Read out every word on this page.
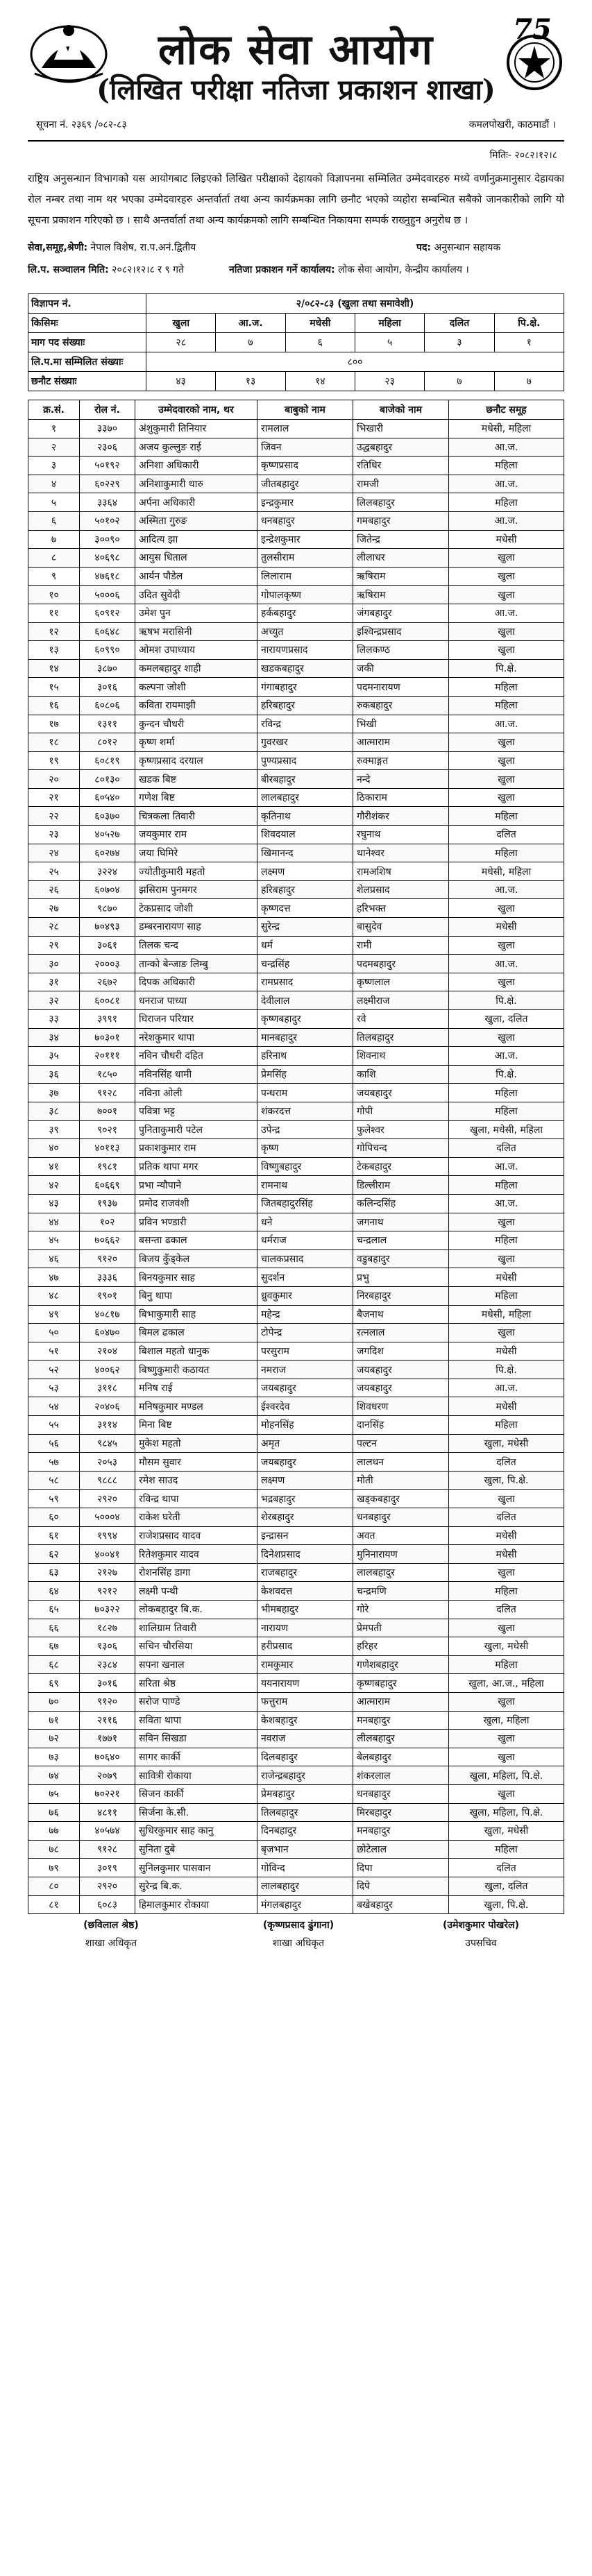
लोक सेवा आयोग
(लिखित परीक्षा नतिजा प्रकाशन शाखा)
75
सूचना नं. २३६९ /०८२-८३	कमलपोखरी, काठमाडौं ।
मितिः- २०८२।१२।८

राष्ट्रिय अनुसन्धान विभागको यस आयोगबाट लिइएको लिखित परीक्षाको देहायको विज्ञापनमा सम्मिलित उम्मेदवारहरु मध्ये वर्णानुक्रमानुसार देहायका रोल नम्बर तथा नाम थर भएका उम्मेदवारहरु अन्तर्वार्ता तथा अन्य कार्यक्रमका लागि छनौट भएको व्यहोरा सम्बन्धित सबैको जानकारीको लागि यो सूचना प्रकाशन गरिएको छ । साथै अन्तर्वार्ता तथा अन्य कार्यक्रमको लागि सम्बन्धित निकायमा सम्पर्क राख्नुहुन अनुरोध छ ।

सेवा,समूह,श्रेणी: नेपाल विशेष, रा.प.अनं.द्वितीय	पद: अनुसन्धान सहायक
लि.प. सञ्चालन मिति: २०८२।१२।८ र ९ गते	नतिजा प्रकाशन गर्ने कार्यालय: लोक सेवा आयोग, केन्द्रीय कार्यालय ।
विज्ञापन नं.	२/०८२-८३ (खुला तथा समावेशी)					
किसिमः	खुला	आ.ज.	मधेसी	महिला	दलित	पि.क्षे.
माग पद संख्याः	२८	७	६	५	३	१
लि.प.मा सम्मिलित संख्याः	८००					
छनौट संख्याः	४३	१३	१४	२३	७	७
क्र.सं.	रोल नं.	उम्मेदवारको नाम, थर	बाबुको नाम	बाजेको नाम	छनौट समूह
१	३३७०	अंशुकुमारी तिनियार	रामलाल	भिखारी	मधेसी, महिला
२	२३०६	अजय कुल्लुङ राई	जिवन	उद्धबहादुर	आ.ज.
३	५०१९२	अनिशा अधिकारी	कृष्णप्रसाद	रतिधिर	महिला
४	६०२२९	अनिशाकुमारी थारु	जीतबहादुर	रामजी	आ.ज.
५	३३६४	अर्पना अधिकारी	इन्द्रकुमार	लिलबहादुर	महिला
६	५०१०२	अस्मिता गुरुङ	धनबहादुर	गमबहादुर	आ.ज.
७	३००९०	आदित्य झा	इन्द्रेशकुमार	जितेन्द्र	मधेसी
८	४०६९८	आयुस धिताल	तुलसीराम	लीलाधर	खुला
९	४७६१८	आर्यन पौडेल	लिलाराम	ऋषिराम	खुला
१०	५०००६	उदित सुवेदी	गोपालकृष्ण	ऋषिराम	खुला
११	६०९१२	उमेश पुन	हर्कबहादुर	जंगबहादुर	आ.ज.
१२	६०६४८	ऋषभ मरासिनी	अच्युत	इश्विन्द्रप्रसाद	खुला
१३	६०९९०	ओमश उपाध्याय	नारायणप्रसाद	लिलकण्ठ	खुला
१४	३८७०	कमलबहादुर शाही	खडकबहादुर	जकी	पि.क्षे.
१५	३०१६	कल्पना जोशी	गंगाबहादुर	पदमनारायण	महिला
१६	६०८०६	कविता रायमाझी	हरिबहादुर	रुकबहादुर	महिला
१७	१३११	कुन्दन चौधरी	रविन्द्र	भिखी	आ.ज.
१८	८०१२	कृष्ण शर्मा	गुवरखर	आत्माराम	खुला
१९	६०८१९	कृष्णप्रसाद दरयाल	पुण्यप्रसाद	रुक्माङ्गत	खुला
२०	८०१३०	खडक बिष्ट	बीरबहादुर	नन्दे	खुला
२१	६०५४०	गणेश बिष्ट	लालबहादुर	ठिकाराम	खुला
२२	६०३७०	चित्रकला तिवारी	कृतिनाथ	गौरीशंकर	महिला
२३	४०५२७	जयकुमार राम	शिवदयाल	रघुनाथ	दलित
२४	६०२७४	जया घिमिरे	खिमानन्द	थानेश्वर	महिला
२५	३२२४	ज्योतीकुमारी महतो	लक्ष्मण	रामअशिष	मधेसी, महिला
२६	६०७०४	झसिराम पुनमगर	हरिबहादुर	शेलप्रसाद	आ.ज.
२७	९८७०	टेकप्रसाद जोशी	कृष्णदत्त	हरिभक्त	खुला
२८	७०४९३	डम्बरनारायण साह	सुरेन्द्र	बासुदेव	मधेसी
२९	३०६१	तिलक चन्द	धर्म	रामी	खुला
३०	२०००३	तान्को बेन्जाङ लिम्बु	चन्द्रसिंह	पदमबहादुर	आ.ज.
३१	२६७२	दिपक अधिकारी	रामप्रसाद	कृष्णलाल	खुला
३२	६००८१	धनराज पाध्या	देवीलाल	लक्ष्मीराज	पि.क्षे.
३३	३९९१	धिराजन परियार	कृष्णबहादुर	रवे	खुला, दलित
३४	७०३०१	नरेशकुमार थापा	मानबहादुर	तिलबहादुर	खुला
३५	२०१११	नविन चौधरी दहित	हरिनाथ	शिवनाथ	आ.ज.
३६	१८५०	नविनसिंह धामी	प्रेमसिंह	काशि	पि.क्षे.
३७	९१२८	नविना ओली	पन्धराम	जयबहादुर	महिला
३८	७००१	पवित्रा भट्ट	शंकरदत्त	गोपी	महिला
३९	९०२१	पुनिताकुमारी पटेल	उपेन्द्र	फुलेश्वर	खुला, मधेसी, महिला
४०	४०११३	प्रकाशकुमार राम	कृष्ण	गोपिचन्द	दलित
४१	१९८१	प्रतिक थापा मगर	विष्णुबहादुर	टेकबहादुर	आ.ज.
४२	६०६६९	प्रभा न्यौपाने	रामनाथ	डिल्लीराम	महिला
४३	१९३७	प्रमोद राजवंशी	जितबहादुरसिंह	कलिन्दसिंह	आ.ज.
४४	१०२	प्रविन भण्डारी	धने	जगनाथ	खुला
४५	७०६६२	बसन्ता ढकाल	धर्मराज	चन्द्रलाल	महिला
४६	९१२०	बिजय कुँड्केल	चालकप्रसाद	वडुबहादुर	खुला
४७	३३३६	बिनयकुमार साह	सुदर्शन	प्रभु	मधेसी
४८	१९०१	बिनु थापा	ध्रुवकुमार	निरबहादुर	महिला
४९	४०८१७	बिभाकुमारी साह	महेन्द्र	बैजनाथ	मधेसी, महिला
५०	६०४७०	बिमल ढकाल	टोपेन्द्र	रत्नलाल	खुला
५१	२१०४	बिशाल महतो धानुक	परसुराम	जगदिश	मधेसी
५२	४००६२	बिष्णुकुमारी कठायत	नमराज	जयबहादुर	पि.क्षे.
५३	३११८	मनिष राई	जयबहादुर	जयबहादुर	आ.ज.
५४	२०४०६	मनिषकुमार मण्डल	ईश्वरदेव	शिवधरण	मधेसी
५५	३११४	मिना बिष्ट	मोहनसिंह	दानसिंह	महिला
५६	९८४५	मुकेश महतो	अमृत	पल्टन	खुला, मधेसी
५७	२०५३	मौसम सुवार	जयबहादुर	लालधन	दलित
५८	९८८८	रमेश साउद	लक्ष्मण	मोती	खुला, पि.क्षे.
५९	२९२०	रविन्द्र थापा	भद्रबहादुर	खड्कबहादुर	खुला
६०	५०००४	राकेश घरेती	शेरबहादुर	धनबहादुर	दलित
६१	१९९४	राजेशप्रसाद यादव	इन्द्रासन	अवत	मधेसी
६२	४००४१	रितेशकुमार यादव	दिनेशप्रसाद	मुनिनारायण	मधेसी
६३	२१२७	रोशनसिंह डागा	राजबहादुर	लालबहादुर	खुला
६४	९२१२	लक्ष्मी पन्थी	केशवदत्त	चन्द्रमणि	महिला
६५	७०३२२	लोकबहादुर बि.क.	भीमबहादुर	गोरे	दलित
६६	१८२७	शालिग्राम तिवारी	नारायण	प्रेमपती	खुला
६७	१३०६	सचिन चौरसिया	हरीप्रसाद	हरिहर	खुला, मधेसी
६८	२३८४	सपना खनाल	रामकुमार	गणेशबहादुर	महिला
६९	३०१६	सरिता श्रेष्ठ	ययनारायण	कृष्णबहादुर	खुला, आ.ज., महिला
७०	९१२०	सरोज पाण्डे	फत्तुराम	आत्माराम	खुला
७१	२११६	सविता थापा	केशबहादुर	मनबहादुर	खुला, महिला
७२	१७७१	सविन सिखडा	नवराज	लीलबहादुर	खुला
७३	७०६४०	सागर कार्की	दिलबहादुर	बेलबहादुर	खुला
७४	२०७९	सावित्री रोकाया	राजेन्द्रबहादुर	शंकरलाल	खुला, महिला, पि.क्षे.
७५	७०२२१	सिजन कार्की	प्रेमबहादुर	धनबहादुर	खुला
७६	४८११	सिर्जना के.सी.	तिलबहादुर	मिरबहादुर	खुला, महिला, पि.क्षे.
७७	४०५७४	सुधिरकुमार साह कानु	दिनबहादुर	मनबहादुर	खुला, मधेसी
७८	९१२८	सुनिता दुबे	बृजभान	छोटेलाल	महिला
७९	३०१९	सुनिलकुमार पासवान	गोविन्द	दिपा	दलित
८०	२९२०	सुरेन्द्र बि.क.	लालबहादुर	दिपे	खुला, दलित
८१	६०८३	हिमालकुमार रोकाया	मंगलबहादुर	बखेबहादुर	खुला, पि.क्षे.
(छविलाल श्रेष्ठ)
शाखा अधिकृत
(कृष्णप्रसाद ढुंगाना)
शाखा अधिकृत
(उमेशकुमार पोखरेल)
उपसचिव
